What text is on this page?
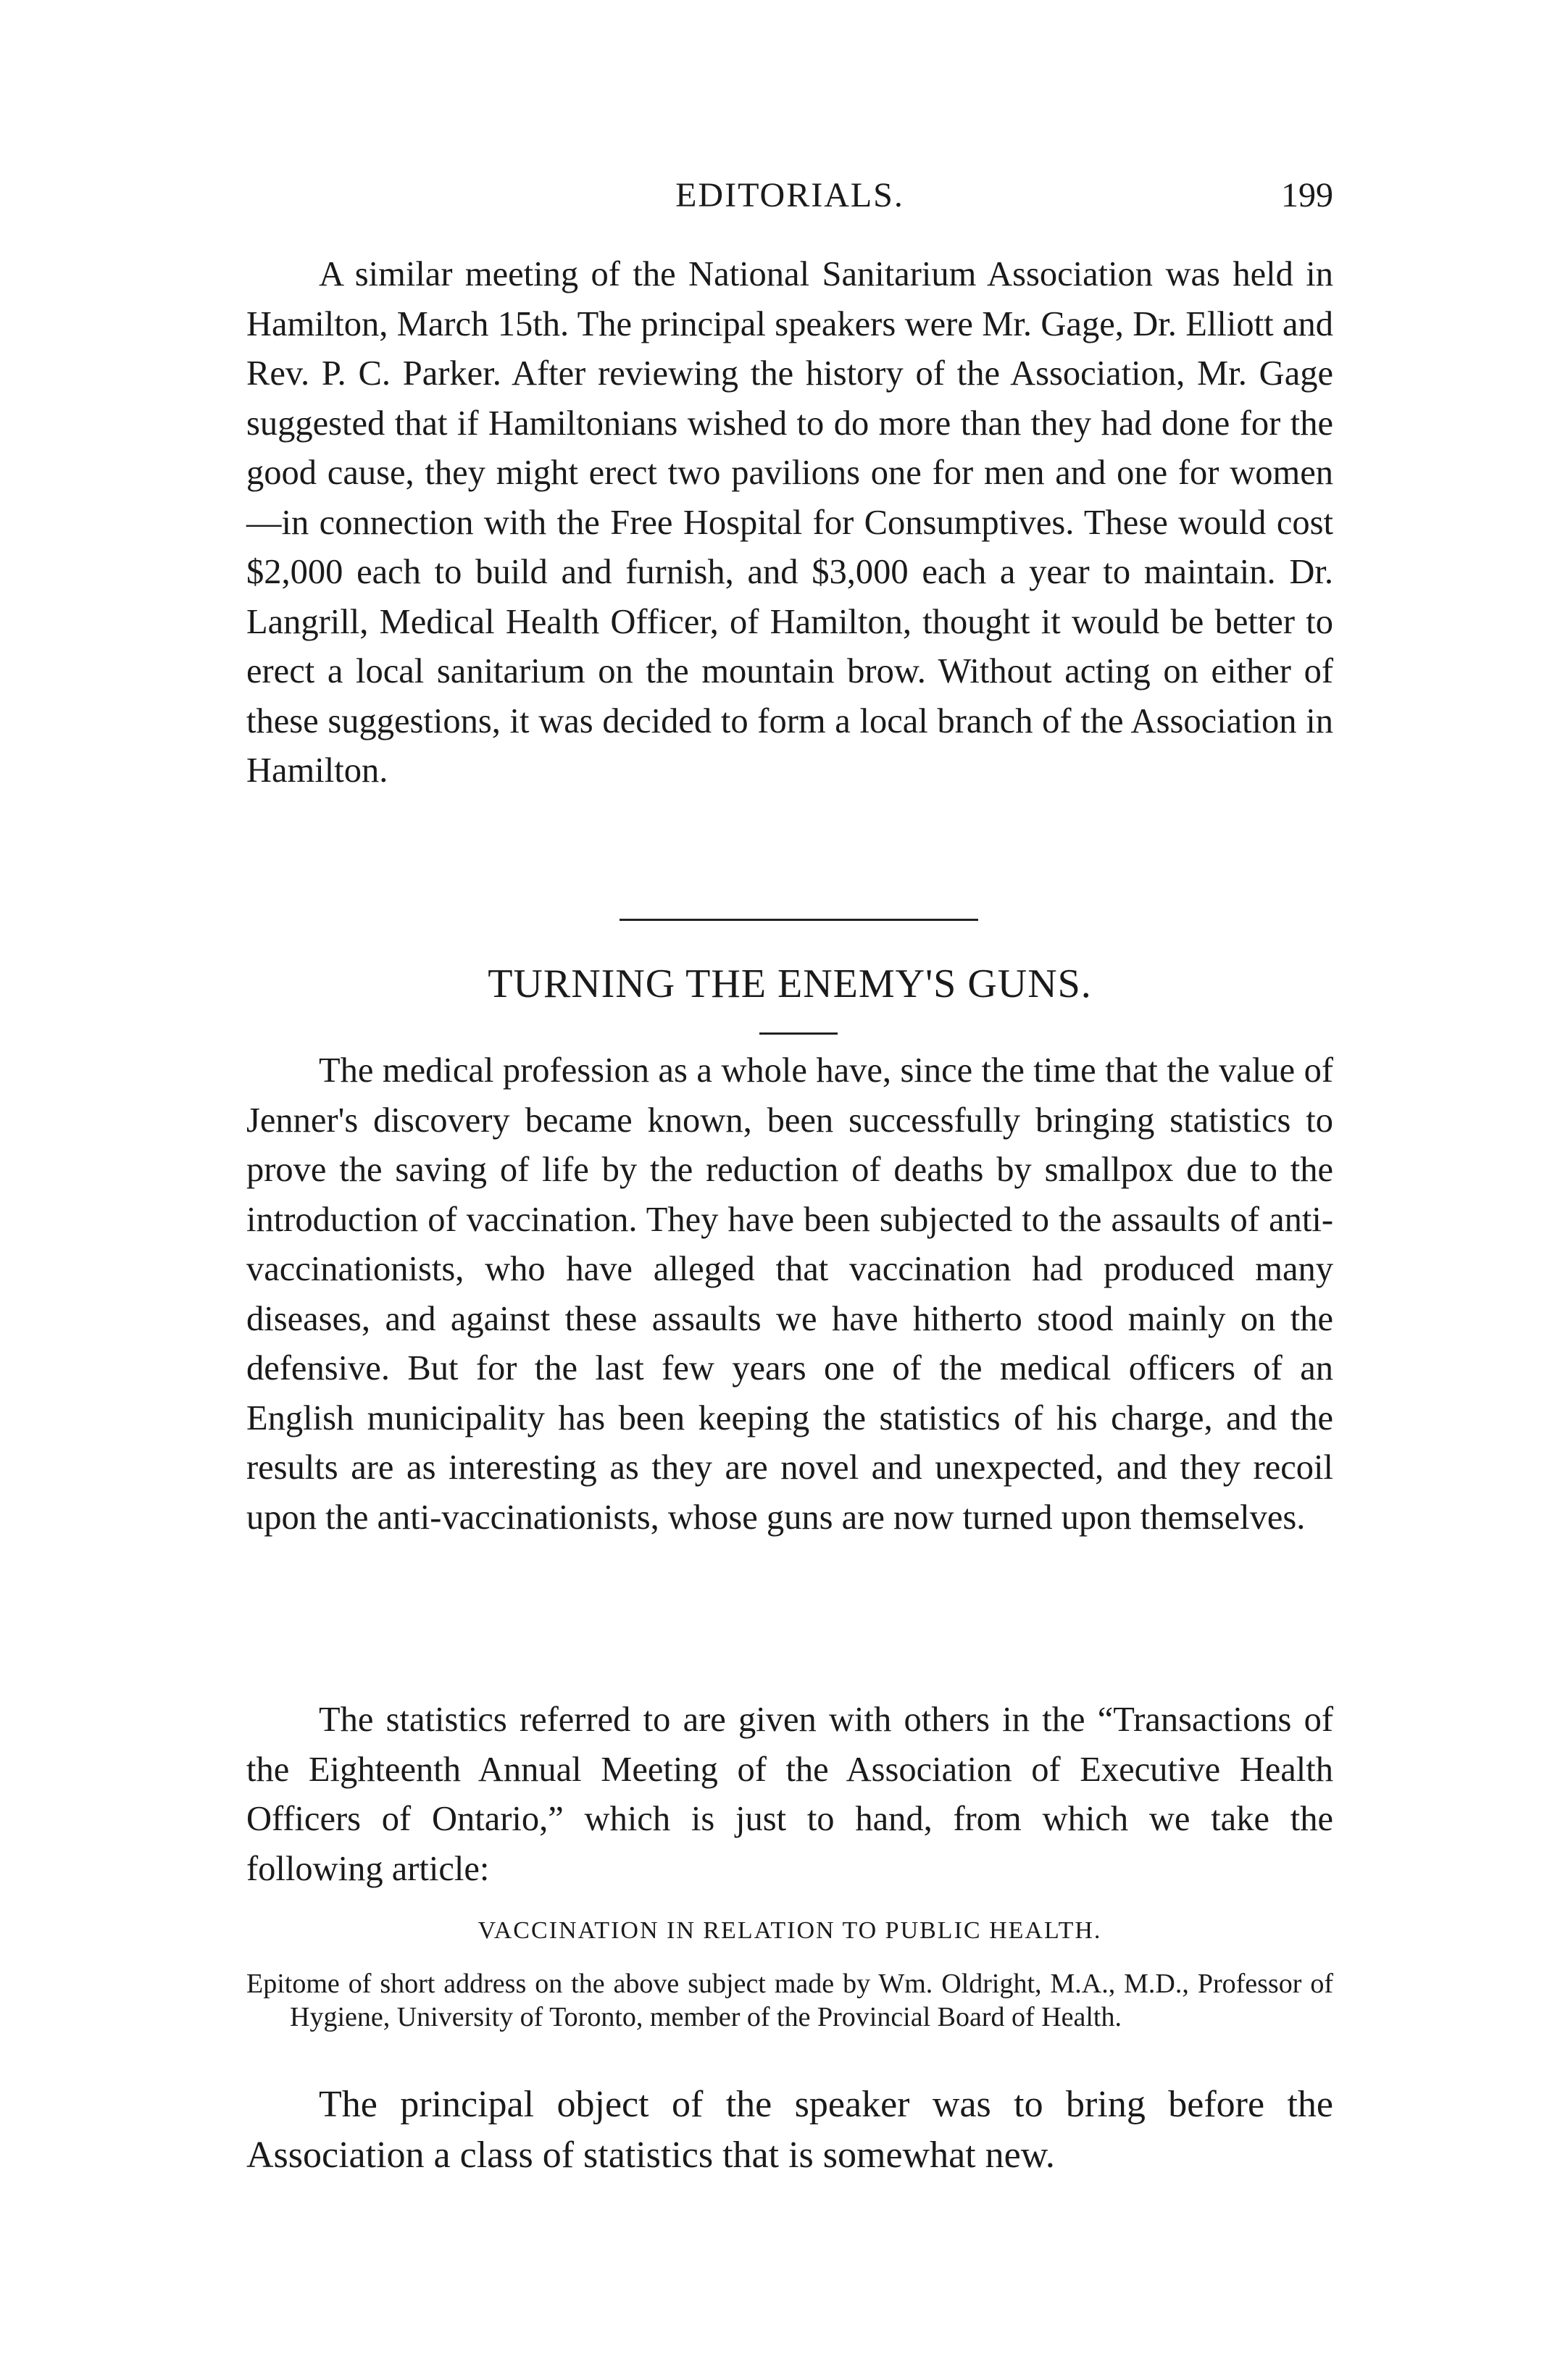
EDITORIALS.	199

A similar meeting of the National Sanitarium Association was held in Hamilton, March 15th. The principal speakers were Mr. Gage, Dr. Elliott and Rev. P. C. Parker. After reviewing the history of the Association, Mr. Gage suggested that if Hamiltonians wished to do more than they had done for the good cause, they might erect two pavilions one for men and one for women—in connection with the Free Hospital for Consumptives. These would cost $2,000 each to build and furnish, and $3,000 each a year to maintain. Dr. Langrill, Medical Health Officer, of Hamilton, thought it would be better to erect a local sanitarium on the mountain brow. Without acting on either of these suggestions, it was decided to form a local branch of the Association in Hamilton.

TURNING THE ENEMY'S GUNS.

The medical profession as a whole have, since the time that the value of Jenner's discovery became known, been successfully bringing statistics to prove the saving of life by the reduction of deaths by smallpox due to the introduction of vaccination. They have been subjected to the assaults of anti-vaccinationists, who have alleged that vaccination had produced many diseases, and against these assaults we have hitherto stood mainly on the defensive. But for the last few years one of the medical officers of an English municipality has been keeping the statistics of his charge, and the results are as interesting as they are novel and unexpected, and they recoil upon the anti-vaccinationists, whose guns are now turned upon themselves.

The statistics referred to are given with others in the “Transactions of the Eighteenth Annual Meeting of the Association of Executive Health Officers of Ontario,” which is just to hand, from which we take the following article:

VACCINATION IN RELATION TO PUBLIC HEALTH.

Epitome of short address on the above subject made by Wm. Oldright, M.A., M.D., Professor of Hygiene, University of Toronto, member of the Provincial Board of Health.

The principal object of the speaker was to bring before the Association a class of statistics that is somewhat new.
